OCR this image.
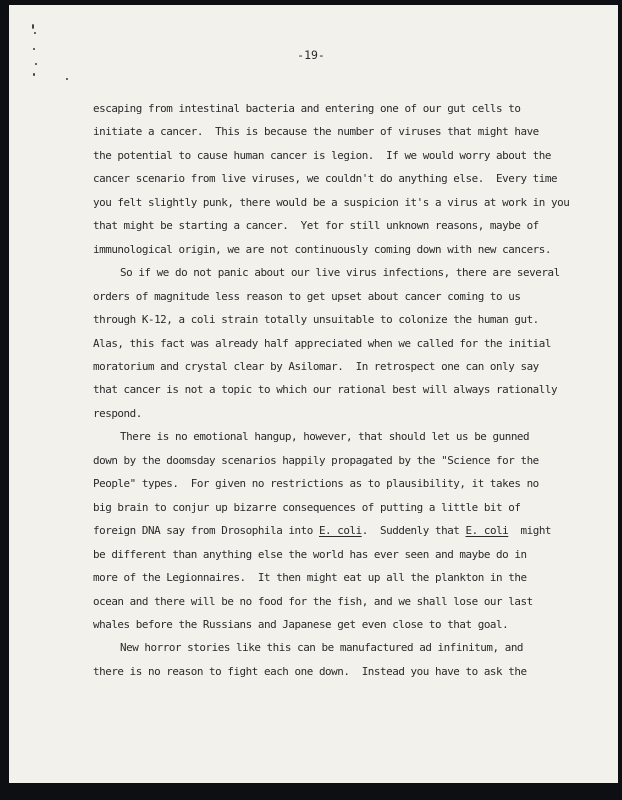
-19-
escaping from intestinal bacteria and entering one of our gut cells to
initiate a cancer.  This is because the number of viruses that might have
the potential to cause human cancer is legion.  If we would worry about the
cancer scenario from live viruses, we couldn't do anything else.  Every time
you felt slightly punk, there would be a suspicion it's a virus at work in you
that might be starting a cancer.  Yet for still unknown reasons, maybe of
immunological origin, we are not continuously coming down with new cancers.
So if we do not panic about our live virus infections, there are several
orders of magnitude less reason to get upset about cancer coming to us
through K-12, a coli strain totally unsuitable to colonize the human gut.
Alas, this fact was already half appreciated when we called for the initial
moratorium and crystal clear by Asilomar.  In retrospect one can only say
that cancer is not a topic to which our rational best will always rationally
respond.
There is no emotional hangup, however, that should let us be gunned
down by the doomsday scenarios happily propagated by the "Science for the
People" types.  For given no restrictions as to plausibility, it takes no
big brain to conjur up bizarre consequences of putting a little bit of
foreign DNA say from Drosophila into E. coli.  Suddenly that E. coli  might
be different than anything else the world has ever seen and maybe do in
more of the Legionnaires.  It then might eat up all the plankton in the
ocean and there will be no food for the fish, and we shall lose our last
whales before the Russians and Japanese get even close to that goal.
New horror stories like this can be manufactured ad infinitum, and
there is no reason to fight each one down.  Instead you have to ask the
